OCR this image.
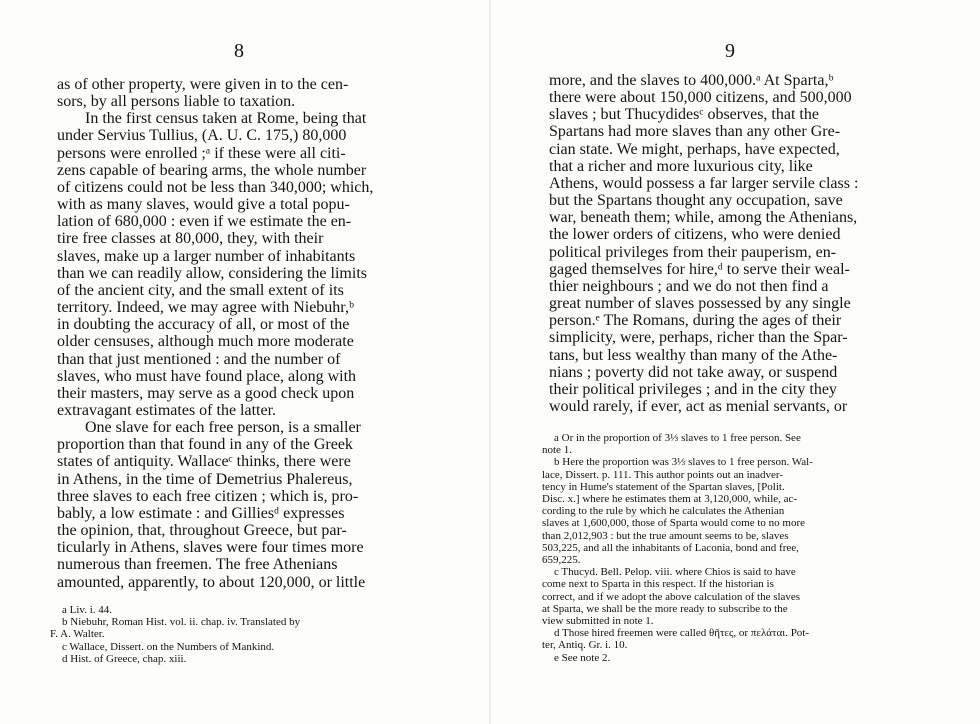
8
as of other property, were given in to the cen-
sors, by all persons liable to taxation.
In the first census taken at Rome, being that
under Servius Tullius, (A. U. C. 175,) 80,000
persons were enrolled ;ᵃ if these were all citi-
zens capable of bearing arms, the whole number
of citizens could not be less than 340,000; which,
with as many slaves, would give a total popu-
lation of 680,000 : even if we estimate the en-
tire free classes at 80,000, they, with their
slaves, make up a larger number of inhabitants
than we can readily allow, considering the limits
of the ancient city, and the small extent of its
territory. Indeed, we may agree with Niebuhr,ᵇ
in doubting the accuracy of all, or most of the
older censuses, although much more moderate
than that just mentioned : and the number of
slaves, who must have found place, along with
their masters, may serve as a good check upon
extravagant estimates of the latter.
One slave for each free person, is a smaller
proportion than that found in any of the Greek
states of antiquity. Wallaceᶜ thinks, there were
in Athens, in the time of Demetrius Phalereus,
three slaves to each free citizen ; which is, pro-
bably, a low estimate : and Gilliesᵈ expresses
the opinion, that, throughout Greece, but par-
ticularly in Athens, slaves were four times more
numerous than freemen. The free Athenians
amounted, apparently, to about 120,000, or little
a Liv. i. 44.
b Niebuhr, Roman Hist. vol. ii. chap. iv. Translated by
F. A. Walter.
c Wallace, Dissert. on the Numbers of Mankind.
d Hist. of Greece, chap. xiii.
9
more, and the slaves to 400,000.ᵃ At Sparta,ᵇ
there were about 150,000 citizens, and 500,000
slaves ; but Thucydidesᶜ observes, that the
Spartans had more slaves than any other Gre-
cian state. We might, perhaps, have expected,
that a richer and more luxurious city, like
Athens, would possess a far larger servile class :
but the Spartans thought any occupation, save
war, beneath them; while, among the Athenians,
the lower orders of citizens, who were denied
political privileges from their pauperism, en-
gaged themselves for hire,ᵈ to serve their weal-
thier neighbours ; and we do not then find a
great number of slaves possessed by any single
person.ᵉ The Romans, during the ages of their
simplicity, were, perhaps, richer than the Spar-
tans, but less wealthy than many of the Athe-
nians ; poverty did not take away, or suspend
their political privileges ; and in the city they
would rarely, if ever, act as menial servants, or
a Or in the proportion of 3⅓ slaves to 1 free person. See
note 1.
b Here the proportion was 3⅓ slaves to 1 free person. Wal-
lace, Dissert. p. 111. This author points out an inadver-
tency in Hume's statement of the Spartan slaves, [Polit.
Disc. x.] where he estimates them at 3,120,000, while, ac-
cording to the rule by which he calculates the Athenian
slaves at 1,600,000, those of Sparta would come to no more
than 2,012,903 : but the true amount seems to be, slaves
503,225, and all the inhabitants of Laconia, bond and free,
659,225.
c Thucyd. Bell. Pelop. viii. where Chios is said to have
come next to Sparta in this respect. If the historian is
correct, and if we adopt the above calculation of the slaves
at Sparta, we shall be the more ready to subscribe to the
view submitted in note 1.
d Those hired freemen were called θῆτες, or πελάται. Pot-
ter, Antiq. Gr. i. 10.
e See note 2.
